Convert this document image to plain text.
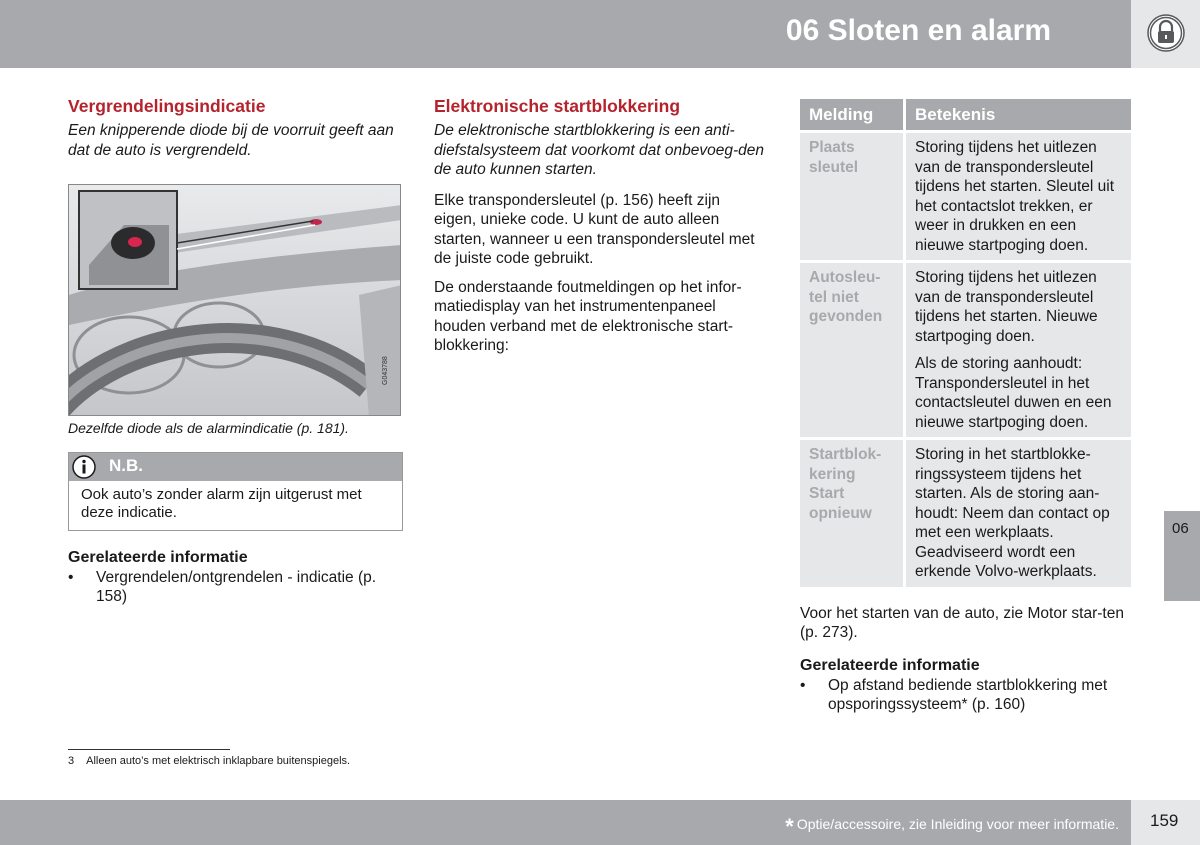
06 Sloten en alarm
06
Vergrendelingsindicatie
Een knipperende diode bij de voorruit geeft aan dat de auto is vergrendeld.
G043788
Dezelfde diode als de alarmindicatie (p. 181).
N.B.
Ook auto’s zonder alarm zijn uitgerust met deze indicatie.
Gerelateerde informatie
• Vergrendelen/ontgrendelen - indicatie (p. 158)
Elektronische startblokkering
De elektronische startblokkering is een anti-diefstalsysteem dat voorkomt dat onbevoeg-den de auto kunnen starten.

Elke transpondersleutel (p. 156) heeft zijn eigen, unieke code. U kunt de auto alleen starten, wanneer u een transpondersleutel met de juiste code gebruikt.

De onderstaande foutmeldingen op het infor-matiedisplay van het instrumentenpaneel houden verband met de elektronische start-blokkering:

Melding	Betekenis
Plaats sleutel	Storing tijdens het uitlezen van de transpondersleutel tijdens het starten. Sleutel uit het contactslot trekken, er weer in drukken en een nieuwe startpoging doen.

Autosleu-tel niet gevonden	Storing tijdens het uitlezen van de transpondersleutel tijdens het starten. Nieuwe startpoging doen.

Als de storing aanhoudt: Transpondersleutel in het contactsleutel duwen en een nieuwe startpoging doen.

Startblok-kering Start opnieuw	Storing in het startblokke-ringssysteem tijdens het starten. Als de storing aan-houdt: Neem dan contact op met een werkplaats. Geadviseerd wordt een erkende Volvo-werkplaats.

Voor het starten van de auto, zie Motor star-ten (p. 273).

Gerelateerde informatie
• Op afstand bediende startblokkering met opsporingssysteem* (p. 160)
3 Alleen auto’s met elektrisch inklapbare buitenspiegels.
* Optie/accessoire, zie Inleiding voor meer informatie. 159
